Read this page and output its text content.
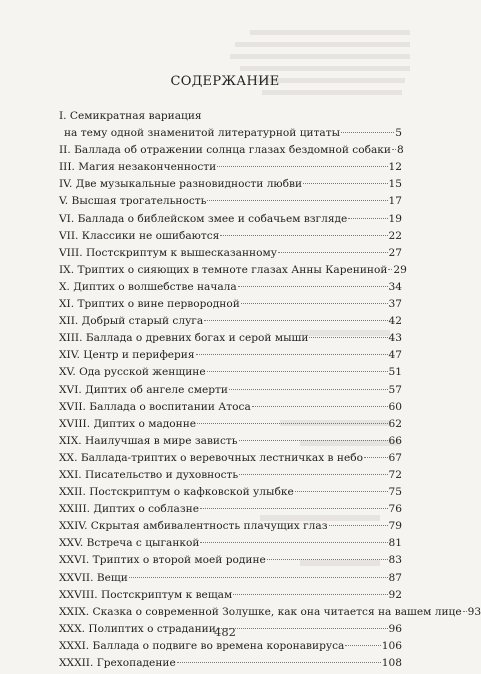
СОДЕРЖАНИЕ
I. Семикратная вариация
на тему одной знаменитой литературной цитаты	5
II. Баллада об отражении солнца глазах бездомной собаки 8
III. Магия незаконченности	12
IV. Две музыкальные разновидности любви	15
V. Высшая трогательность	17
VI. Баллада о библейском змее и собачьем взгляде	19
VII. Классики не ошибаются	22
VIII. Постскриптум к вышесказанному	27
IX. Триптих о сияющих в темноте глазах Анны Карениной 29
X. Диптих о волшебстве начала	34
XI. Триптих о вине первородной	37
XII. Добрый старый слуга	42
XIII. Баллада о древних богах и серой мыши	43
XIV. Центр и периферия	47
XV. Ода русской женщине	51
XVI. Диптих об ангеле смерти	57
XVII. Баллада о воспитании Атоса	60
XVIII. Диптих о мадонне	62
XIX. Наилучшая в мире зависть	66
XX. Баллада-триптих о веревочных лестничках в небо 67
XXI. Писательство и духовность	72
XXII. Постскриптум о кафковской улыбке	75
XXIII. Диптих о соблазне	76
XXIV. Скрытая амбивалентность плачущих глаз	79
XXV. Встреча с цыганкой	81
XXVI. Триптих о второй моей родине	83
XXVII. Вещи	87
XXVIII. Постскриптум к вещам	92
XXIX. Сказка о современной Золушке, как она читается на вашем лице 93
XXX. Полиптих о страдании	96
XXXI. Баллада о подвиге во времена коронавируса	106
XXXII. Грехопадение	108
482
